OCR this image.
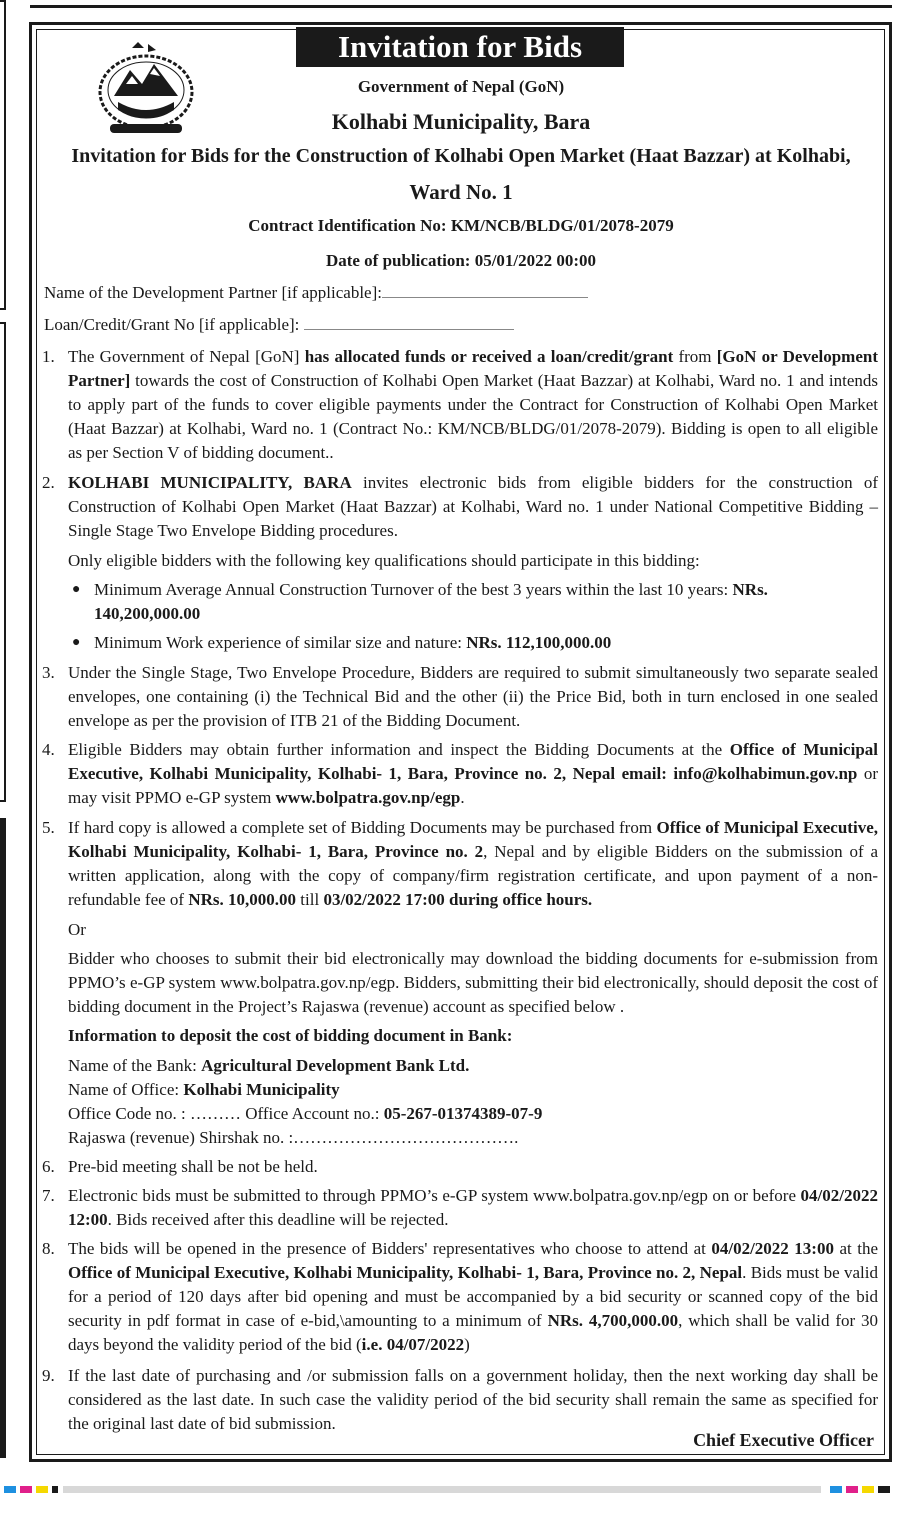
Invitation for Bids
Government of Nepal (GoN)
Kolhabi Municipality, Bara
Invitation for Bids for the Construction of Kolhabi Open Market (Haat Bazzar) at Kolhabi,
Ward No. 1
Contract Identification No: KM/NCB/BLDG/01/2078-2079
Date of publication: 05/01/2022 00:00
Name of the Development Partner [if applicable]:
Loan/Credit/Grant No [if applicable]:
1. The Government of Nepal [GoN] has allocated funds or received a loan/credit/grant from [GoN or Development Partner] towards the cost of Construction of Kolhabi Open Market (Haat Bazzar) at Kolhabi, Ward no. 1 and intends to apply part of the funds to cover eligible payments under the Contract for Construction of Kolhabi Open Market (Haat Bazzar) at Kolhabi, Ward no. 1 (Contract No.: KM/NCB/BLDG/01/2078-2079). Bidding is open to all eligible as per Section V of bidding document..
2. KOLHABI MUNICIPALITY, BARA invites electronic bids from eligible bidders for the construction of Construction of Kolhabi Open Market (Haat Bazzar) at Kolhabi, Ward no. 1 under National Competitive Bidding – Single Stage Two Envelope Bidding procedures.
Only eligible bidders with the following key qualifications should participate in this bidding:
● Minimum Average Annual Construction Turnover of the best 3 years within the last 10 years: NRs. 140,200,000.00
● Minimum Work experience of similar size and nature: NRs. 112,100,000.00
3. Under the Single Stage, Two Envelope Procedure, Bidders are required to submit simultaneously two separate sealed envelopes, one containing (i) the Technical Bid and the other (ii) the Price Bid, both in turn enclosed in one sealed envelope as per the provision of ITB 21 of the Bidding Document.
4. Eligible Bidders may obtain further information and inspect the Bidding Documents at the Office of Municipal Executive, Kolhabi Municipality, Kolhabi- 1, Bara, Province no. 2, Nepal email: info@kolhabimun.gov.np or may visit PPMO e-GP system www.bolpatra.gov.np/egp.
5. If hard copy is allowed a complete set of Bidding Documents may be purchased from Office of Municipal Executive, Kolhabi Municipality, Kolhabi- 1, Bara, Province no. 2, Nepal and by eligible Bidders on the submission of a written application, along with the copy of company/firm registration certificate, and upon payment of a non-refundable fee of NRs. 10,000.00 till 03/02/2022 17:00 during office hours.
Or
Bidder who chooses to submit their bid electronically may download the bidding documents for e-submission from PPMO’s e-GP system www.bolpatra.gov.np/egp. Bidders, submitting their bid electronically, should deposit the cost of bidding document in the Project’s Rajaswa (revenue) account as specified below .
Information to deposit the cost of bidding document in Bank:
Name of the Bank: Agricultural Development Bank Ltd.
Name of Office: Kolhabi Municipality
Office Code no. : ……… Office Account no.: 05-267-01374389-07-9
Rajaswa (revenue) Shirshak no. :………………………………….
6. Pre-bid meeting shall be not be held.
7. Electronic bids must be submitted to through PPMO’s e-GP system www.bolpatra.gov.np/egp on or before 04/02/2022 12:00. Bids received after this deadline will be rejected.
8. The bids will be opened in the presence of Bidders' representatives who choose to attend at 04/02/2022 13:00 at the Office of Municipal Executive, Kolhabi Municipality, Kolhabi- 1, Bara, Province no. 2, Nepal. Bids must be valid for a period of 120 days after bid opening and must be accompanied by a bid security or scanned copy of the bid security in pdf format in case of e-bid,\amounting to a minimum of NRs. 4,700,000.00, which shall be valid for 30 days beyond the validity period of the bid (i.e. 04/07/2022)
9. If the last date of purchasing and /or submission falls on a government holiday, then the next working day shall be considered as the last date. In such case the validity period of the bid security shall remain the same as specified for the original last date of bid submission.
Chief Executive Officer
